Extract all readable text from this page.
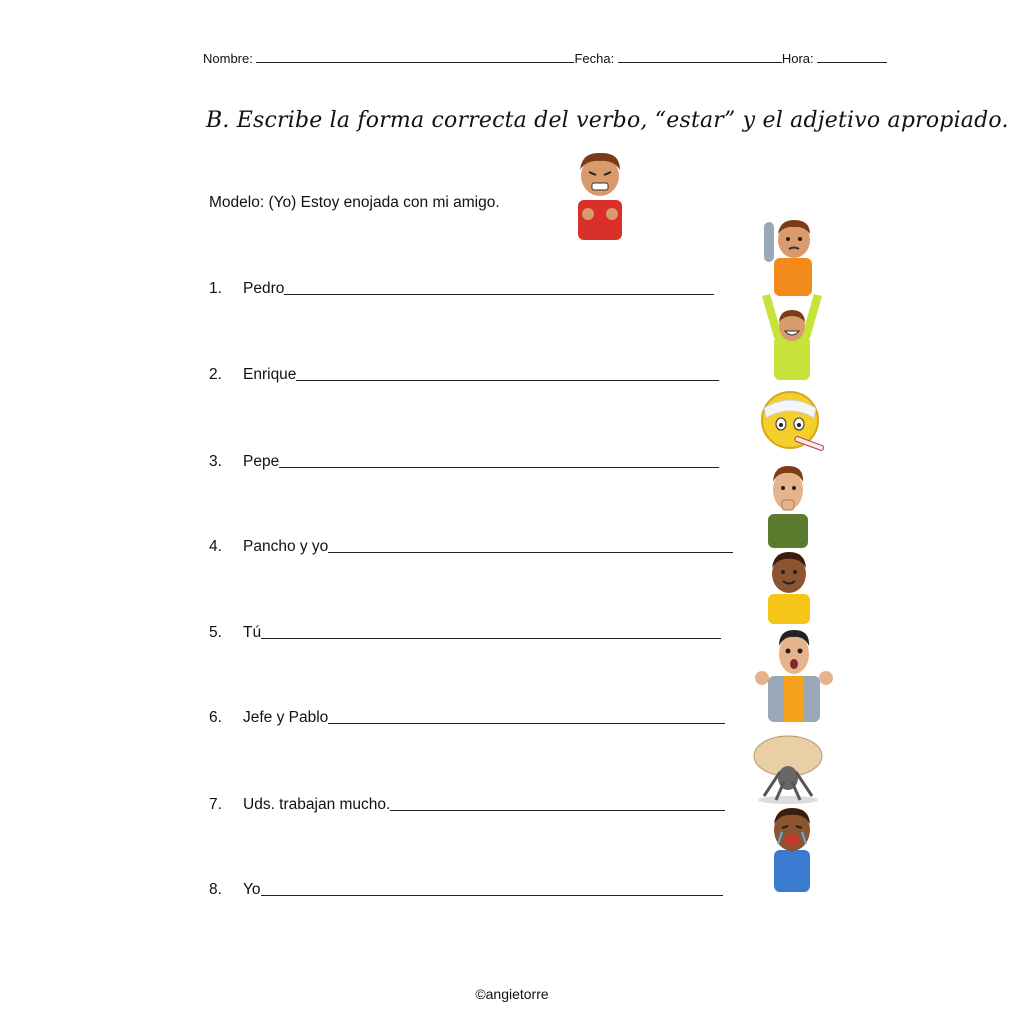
Nombre:	Fecha:	Hora:
B. Escribe la forma correcta del verbo, “estar” y el adjetivo apropiado.
Modelo: (Yo) Estoy enojada con mi amigo.
1.	Pedro
2.	Enrique
3.	Pepe
4.	Pancho y yo
5.	Tú
6.	Jefe y Pablo
7.	Uds. trabajan mucho.
8.	Yo
©angietorre
